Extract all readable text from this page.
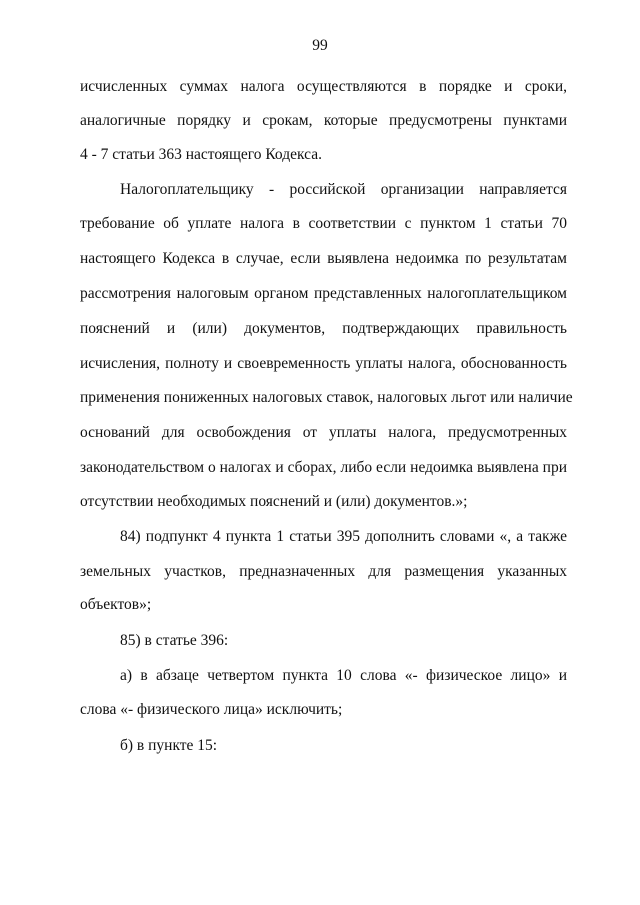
99
исчисленных суммах налога осуществляются в порядке и сроки,
аналогичные порядку и срокам, которые предусмотрены пунктами
4 - 7 статьи 363 настоящего Кодекса.
Налогоплательщику - российской организации направляется
требование об уплате налога в соответствии с пунктом 1 статьи 70
настоящего Кодекса в случае, если выявлена недоимка по результатам
рассмотрения налоговым органом представленных налогоплательщиком
пояснений и (или) документов, подтверждающих правильность
исчисления, полноту и своевременность уплаты налога, обоснованность
применения пониженных налоговых ставок, налоговых льгот или наличие
оснований для освобождения от уплаты налога, предусмотренных
законодательством о налогах и сборах, либо если недоимка выявлена при
отсутствии необходимых пояснений и (или) документов.»;
84) подпункт 4 пункта 1 статьи 395 дополнить словами «, а также
земельных участков, предназначенных для размещения указанных
объектов»;
85) в статье 396:
а) в абзаце четвертом пункта 10 слова «- физическое лицо» и
слова «- физического лица» исключить;
б) в пункте 15:
